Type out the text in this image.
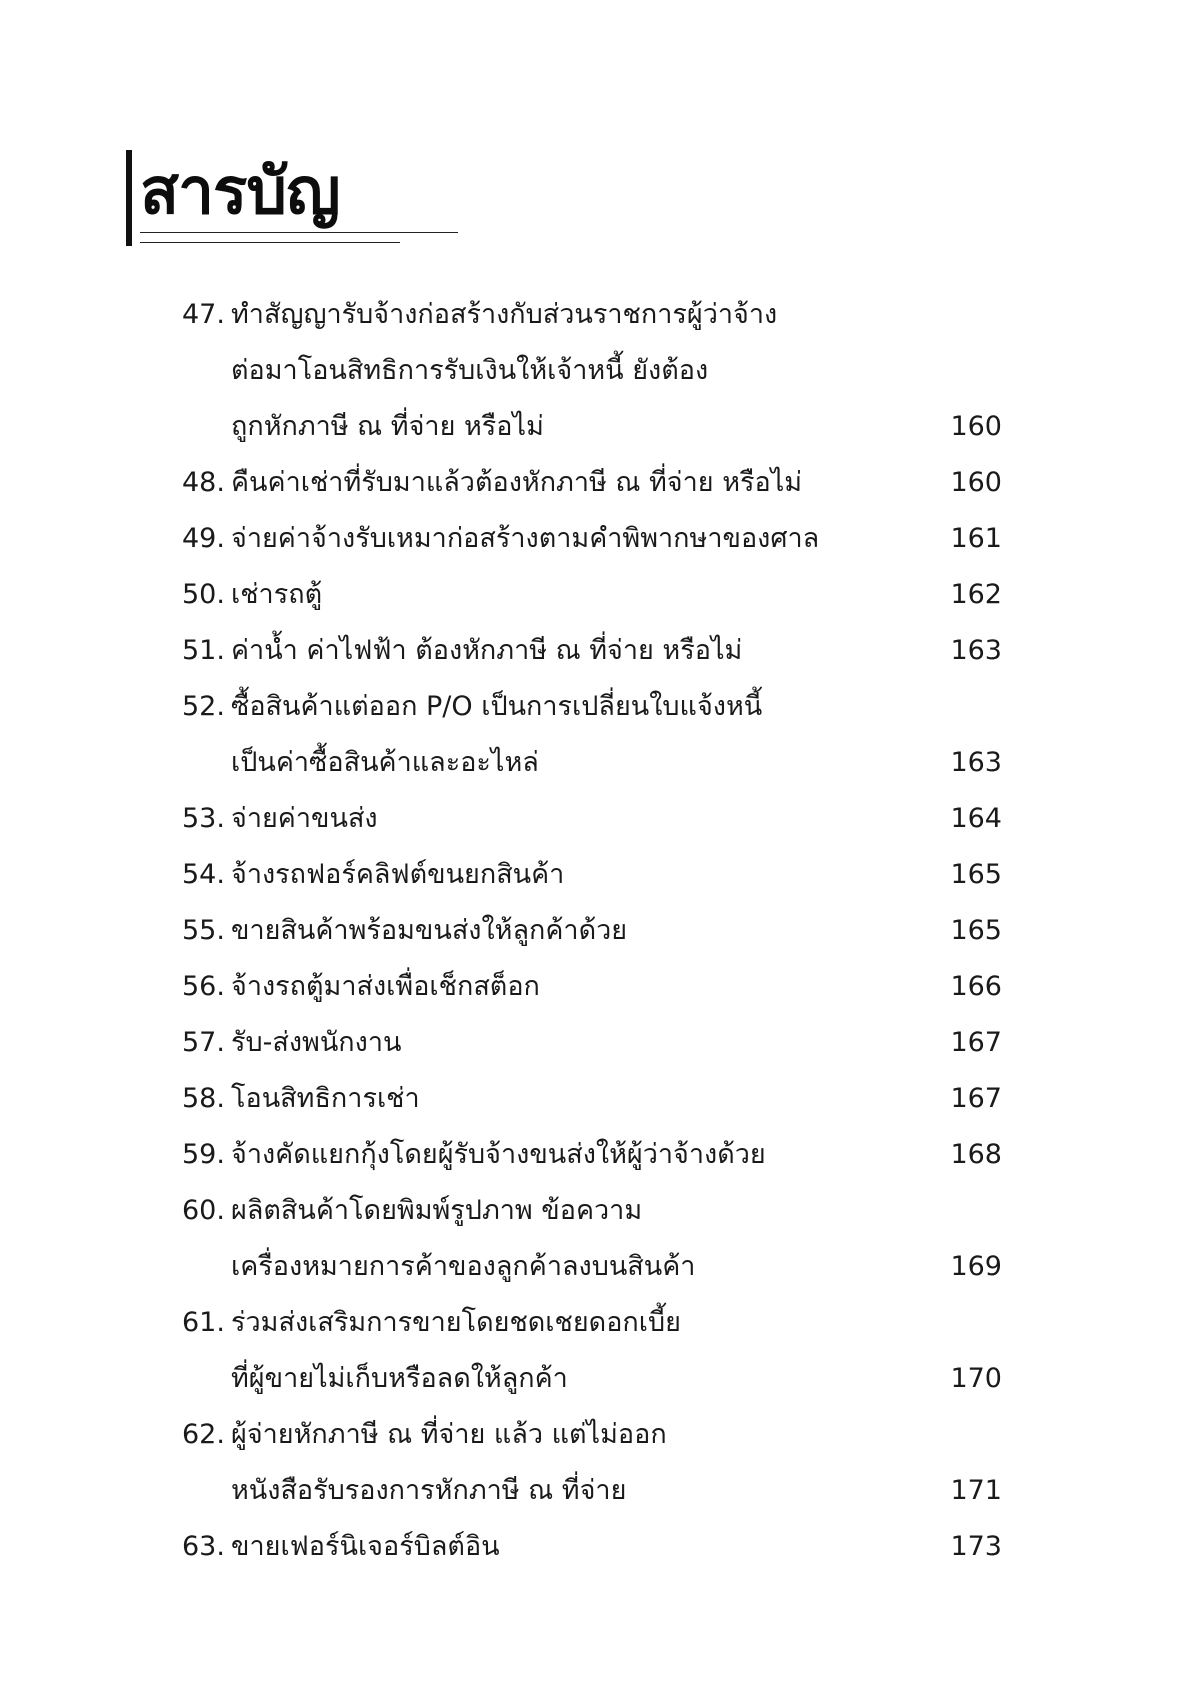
สารบัญ
47. ทำสัญญารับจ้างก่อสร้างกับส่วนราชการผู้ว่าจ้าง
ต่อมาโอนสิทธิการรับเงินให้เจ้าหนี้ ยังต้อง
ถูกหักภาษี ณ ที่จ่าย หรือไม่	160
48. คืนค่าเช่าที่รับมาแล้วต้องหักภาษี ณ ที่จ่าย หรือไม่	160
49. จ่ายค่าจ้างรับเหมาก่อสร้างตามคำพิพากษาของศาล	161
50. เช่ารถตู้	162
51. ค่าน้ำ ค่าไฟฟ้า ต้องหักภาษี ณ ที่จ่าย หรือไม่	163
52. ซื้อสินค้าแต่ออก P/O เป็นการเปลี่ยนใบแจ้งหนี้
เป็นค่าซื้อสินค้าและอะไหล่	163
53. จ่ายค่าขนส่ง	164
54. จ้างรถฟอร์คลิฟต์ขนยกสินค้า	165
55. ขายสินค้าพร้อมขนส่งให้ลูกค้าด้วย	165
56. จ้างรถตู้มาส่งเพื่อเช็กสต็อก	166
57. รับ-ส่งพนักงาน	167
58. โอนสิทธิการเช่า	167
59. จ้างคัดแยกกุ้งโดยผู้รับจ้างขนส่งให้ผู้ว่าจ้างด้วย	168
60. ผลิตสินค้าโดยพิมพ์รูปภาพ ข้อความ
เครื่องหมายการค้าของลูกค้าลงบนสินค้า	169
61. ร่วมส่งเสริมการขายโดยชดเชยดอกเบี้ย
ที่ผู้ขายไม่เก็บหรือลดให้ลูกค้า	170
62. ผู้จ่ายหักภาษี ณ ที่จ่าย แล้ว แต่ไม่ออก
หนังสือรับรองการหักภาษี ณ ที่จ่าย	171
63. ขายเฟอร์นิเจอร์บิลต์อิน	173
